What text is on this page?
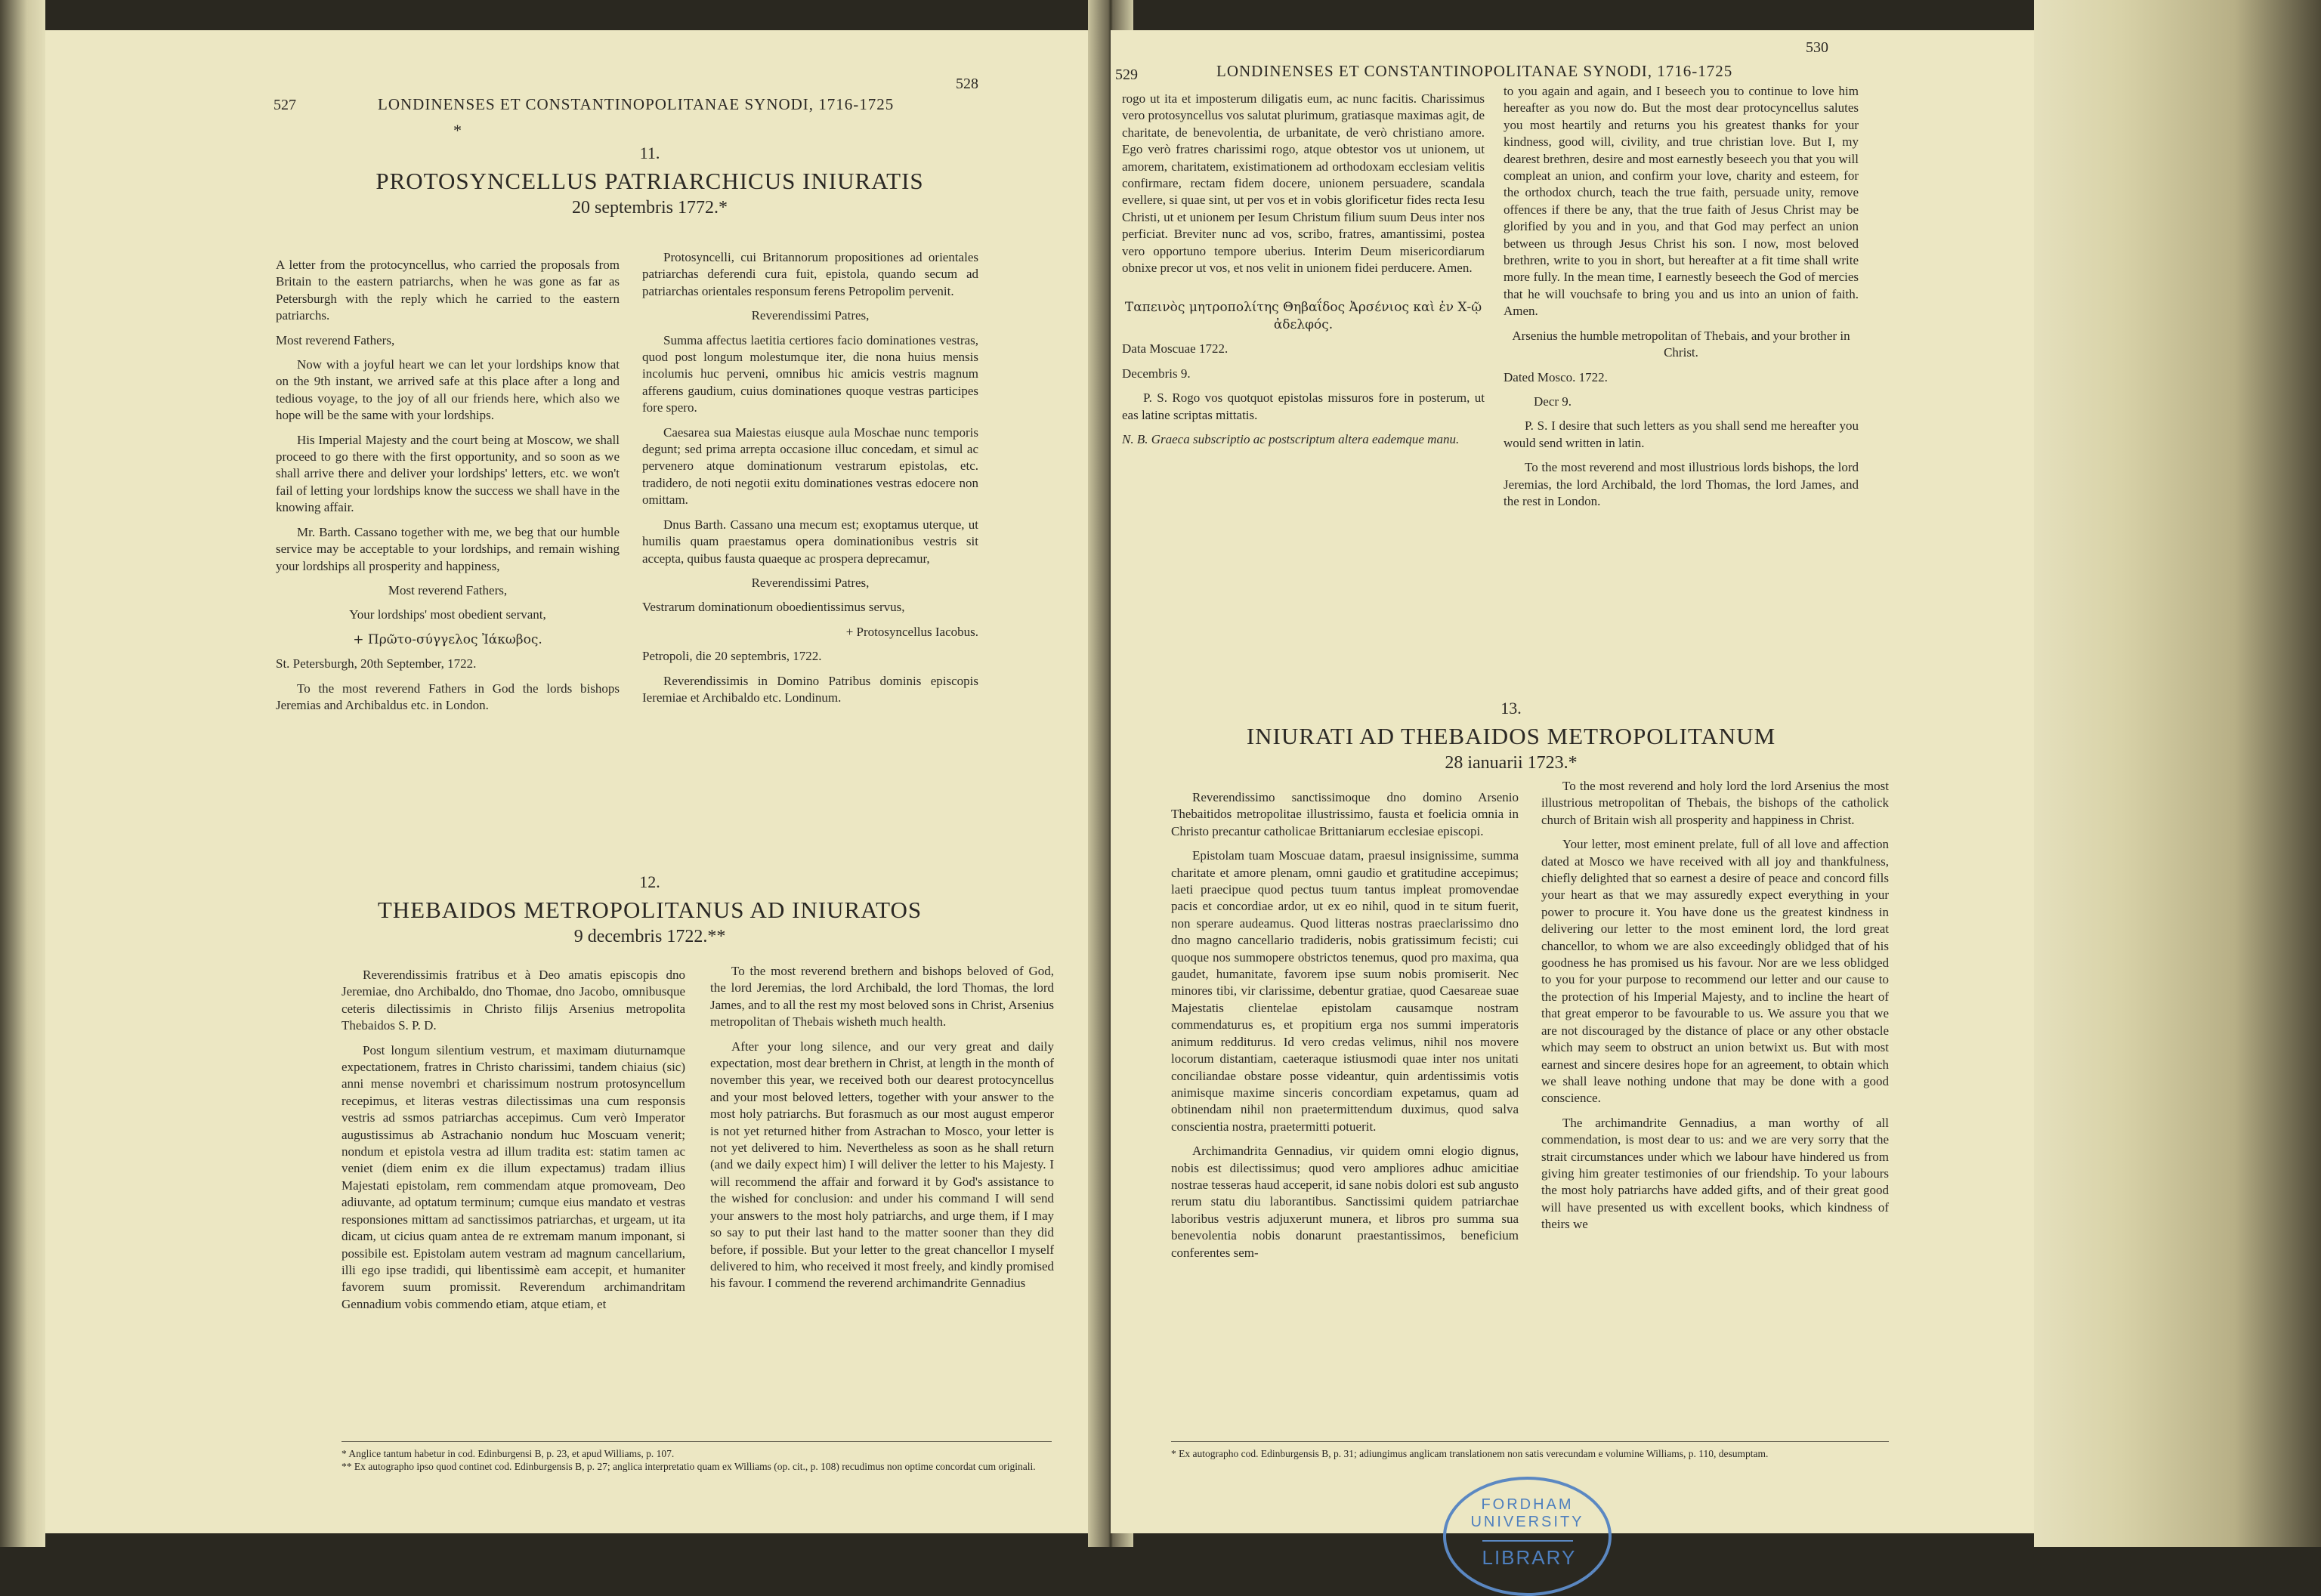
527	LONDINENSES ET CONSTANTINOPOLITANAE SYNODI, 1716-1725
528
*
11.
PROTOSYNCELLUS PATRIARCHICUS INIURATIS
20 septembris 1772.*

A letter from the protocyncellus, who carried the proposals from Britain to the eastern patriarchs, when he was gone as far as Petersburgh with the reply which he carried to the eastern patriarchs.

Most reverend Fathers,

Now with a joyful heart we can let your lordships know that on the 9th instant, we arrived safe at this place after a long and tedious voyage, to the joy of all our friends here, which also we hope will be the same with your lordships.

His Imperial Majesty and the court being at Moscow, we shall proceed to go there with the first opportunity, and so soon as we shall arrive there and deliver your lordships' letters, etc. we won't fail of letting your lordships know the success we shall have in the knowing affair.

Mr. Barth. Cassano together with me, we beg that our humble service may be acceptable to your lordships, and remain wishing your lordships all prosperity and happiness,

Most reverend Fathers,

Your lordships' most obedient servant,

+ Πρῶτο-σύγγελος Ἰάκωβος.

St. Petersburgh, 20th September, 1722.

To the most reverend Fathers in God the lords bishops Jeremias and Archibaldus etc. in London.

Protosyncelli, cui Britannorum propositiones ad orientales patriarchas deferendi cura fuit, epistola, quando secum ad patriarchas orientales responsum ferens Petropolim pervenit.

Reverendissimi Patres,

Summa affectus laetitia certiores facio dominationes vestras, quod post longum molestumque iter, die nona huius mensis incolumis huc perveni, omnibus hic amicis vestris magnum afferens gaudium, cuius dominationes quoque vestras participes fore spero.

Caesarea sua Maiestas eiusque aula Moschae nunc temporis degunt; sed prima arrepta occasione illuc concedam, et simul ac pervenero atque dominationum vestrarum epistolas, etc. tradidero, de noti negotii exitu dominationes vestras edocere non omittam.

Dnus Barth. Cassano una mecum est; exoptamus uterque, ut humilis quam praestamus opera dominationibus vestris sit accepta, quibus fausta quaeque ac prospera deprecamur,

Reverendissimi Patres,

Vestrarum dominationum oboedientissimus servus,

+ Protosyncellus Iacobus.

Petropoli, die 20 septembris, 1722.

Reverendissimis in Domino Patribus dominis episcopis Ieremiae et Archibaldo etc. Londinum.

12.
THEBAIDOS METROPOLITANUS AD INIURATOS
9 decembris 1722.**

Reverendissimis fratribus et à Deo amatis episcopis dno Jeremiae, dno Archibaldo, dno Thomae, dno Jacobo, omnibusque ceteris dilectissimis in Christo filijs Arsenius metropolita Thebaidos S. P. D.

Post longum silentium vestrum, et maximam diuturnamque expectationem, fratres in Christo charissimi, tandem chiaius (sic) anni mense novembri et charissimum nostrum protosyncellum recepimus, et literas vestras dilectissimas una cum responsis vestris ad ssmos patriarchas accepimus. Cum verò Imperator augustissimus ab Astrachanio nondum huc Moscuam venerit; nondum et epistola vestra ad illum tradita est: statim tamen ac veniet (diem enim ex die illum expectamus) tradam illius Majestati epistolam, rem commendam atque promoveam, Deo adiuvante, ad optatum terminum; cumque eius mandato et vestras responsiones mittam ad sanctissimos patriarchas, et urgeam, ut ita dicam, ut cicius quam antea de re extremam manum imponant, si possibile est. Epistolam autem vestram ad magnum cancellarium, illi ego ipse tradidi, qui libentissimè eam accepit, et humaniter favorem suum promissit. Reverendum archimandritam Gennadium vobis commendo etiam, atque etiam, et

To the most reverend brethern and bishops beloved of God, the lord Jeremias, the lord Archibald, the lord Thomas, the lord James, and to all the rest my most beloved sons in Christ, Arsenius metropolitan of Thebais wisheth much health.

After your long silence, and our very great and daily expectation, most dear brethern in Christ, at length in the month of november this year, we received both our dearest protocyncellus and your most beloved letters, together with your answer to the most holy patriarchs. But forasmuch as our most august emperor is not yet returned hither from Astrachan to Mosco, your letter is not yet delivered to him. Nevertheless as soon as he shall return (and we daily expect him) I will deliver the letter to his Majesty. I will recommend the affair and forward it by God's assistance to the wished for conclusion: and under his command I will send your answers to the most holy patriarchs, and urge them, if I may so say to put their last hand to the matter sooner than they did before, if possible. But your letter to the great chancellor I myself delivered to him, who received it most freely, and kindly promised his favour. I commend the reverend archimandrite Gennadius

* Anglice tantum habetur in cod. Edinburgensi B, p. 23, et apud Williams, p. 107.
** Ex autographo ipso quod continet cod. Edinburgensis B, p. 27; anglica interpretatio quam ex Williams (op. cit., p. 108) recudimus non optime concordat cum originali.
529	LONDINENSES ET CONSTANTINOPOLITANAE SYNODI, 1716-1725
530

rogo ut ita et imposterum diligatis eum, ac nunc facitis. Charissimus vero protosyncellus vos salutat plurimum, gratiasque maximas agit, de charitate, de benevolentia, de urbanitate, de verò christiano amore. Ego verò fratres charissimi rogo, atque obtestor vos ut unionem, ut amorem, charitatem, existimationem ad orthodoxam ecclesiam velitis confirmare, rectam fidem docere, unionem persuadere, scandala evellere, si quae sint, ut per vos et in vobis glorificetur fides recta Iesu Christi, ut et unionem per Iesum Christum filium suum Deus inter nos perficiat. Breviter nunc ad vos, scribo, fratres, amantissimi, postea vero opportuno tempore uberius. Interim Deum misericordiarum obnixe precor ut vos, et nos velit in unionem fidei perducere. Amen.

Ταπεινὸς μητροπολίτης Θηβαΐδος Ἀρσένιος καὶ ἐν Χ-ῷ ἀδελφός.

Data Moscuae 1722.

Decembris 9.

P. S. Rogo vos quotquot epistolas missuros fore in posterum, ut eas latine scriptas mittatis.

N. B. Graeca subscriptio ac postscriptum altera eademque manu.

to you again and again, and I beseech you to continue to love him hereafter as you now do. But the most dear protocyncellus salutes you most heartily and returns you his greatest thanks for your kindness, good will, civility, and true christian love. But I, my dearest brethren, desire and most earnestly beseech you that you will compleat an union, and confirm your love, charity and esteem, for the orthodox church, teach the true faith, persuade unity, remove offences if there be any, that the true faith of Jesus Christ may be glorified by you and in you, and that God may perfect an union between us through Jesus Christ his son. I now, most beloved brethren, write to you in short, but hereafter at a fit time shall write more fully. In the mean time, I earnestly beseech the God of mercies that he will vouchsafe to bring you and us into an union of faith. Amen.

Arsenius the humble metropolitan of Thebais, and your brother in Christ.

Dated Mosco. 1722.

Decr 9.

P. S. I desire that such letters as you shall send me hereafter you would send written in latin.

To the most reverend and most illustrious lords bishops, the lord Jeremias, the lord Archibald, the lord Thomas, the lord James, and the rest in London.

13.
INIURATI AD THEBAIDOS METROPOLITANUM
28 ianuarii 1723.*

Reverendissimo sanctissimoque dno domino Arsenio Thebaitidos metropolitae illustrissimo, fausta et foelicia omnia in Christo precantur catholicae Brittaniarum ecclesiae episcopi.

Epistolam tuam Moscuae datam, praesul insignissime, summa charitate et amore plenam, omni gaudio et gratitudine accepimus; laeti praecipue quod pectus tuum tantus impleat promovendae pacis et concordiae ardor, ut ex eo nihil, quod in te situm fuerit, non sperare audeamus. Quod litteras nostras praeclarissimo dno dno magno cancellario tradideris, nobis gratissimum fecisti; cui quoque nos summopere obstrictos tenemus, quod pro maxima, qua gaudet, humanitate, favorem ipse suum nobis promiserit. Nec minores tibi, vir clarissime, debentur gratiae, quod Caesareae suae Majestatis clientelae epistolam causamque nostram commendaturus es, et propitium erga nos summi imperatoris animum redditurus. Id vero credas velimus, nihil nos movere locorum distantiam, caeteraque istiusmodi quae inter nos unitati conciliandae obstare posse videantur, quin ardentissimis votis animisque maxime sinceris concordiam expetamus, quam ad obtinendam nihil non praetermittendum duximus, quod salva conscientia nostra, praetermitti potuerit.

Archimandrita Gennadius, vir quidem omni elogio dignus, nobis est dilectissimus; quod vero ampliores adhuc amicitiae nostrae tesseras haud acceperit, id sane nobis dolori est sub angusto rerum statu diu laborantibus. Sanctissimi quidem patriarchae laboribus vestris adjuxerunt munera, et libros pro summa sua benevolentia nobis donarunt praestantissimos, beneficium conferentes sem-

To the most reverend and holy lord the lord Arsenius the most illustrious metropolitan of Thebais, the bishops of the catholick church of Britain wish all prosperity and happiness in Christ.

Your letter, most eminent prelate, full of all love and affection dated at Mosco we have received with all joy and thankfulness, chiefly delighted that so earnest a desire of peace and concord fills your heart as that we may assuredly expect everything in your power to procure it. You have done us the greatest kindness in delivering our letter to the most eminent lord, the lord great chancellor, to whom we are also exceedingly oblidged that of his goodness he has promised us his favour. Nor are we less oblidged to you for your purpose to recommend our letter and our cause to the protection of his Imperial Majesty, and to incline the heart of that great emperor to be favourable to us. We assure you that we are not discouraged by the distance of place or any other obstacle which may seem to obstruct an union betwixt us. But with most earnest and sincere desires hope for an agreement, to obtain which we shall leave nothing undone that may be done with a good conscience.

The archimandrite Gennadius, a man worthy of all commendation, is most dear to us: and we are very sorry that the strait circumstances under which we labour have hindered us from giving him greater testimonies of our friendship. To your labours the most holy patriarchs have added gifts, and of their great good will have presented us with excellent books, which kindness of theirs we

* Ex autographo cod. Edinburgensis B, p. 31; adiungimus anglicam translationem non satis verecundam e volumine Williams, p. 110, desumptam.
FORDHAM UNIVERSITY
LIBRARY
